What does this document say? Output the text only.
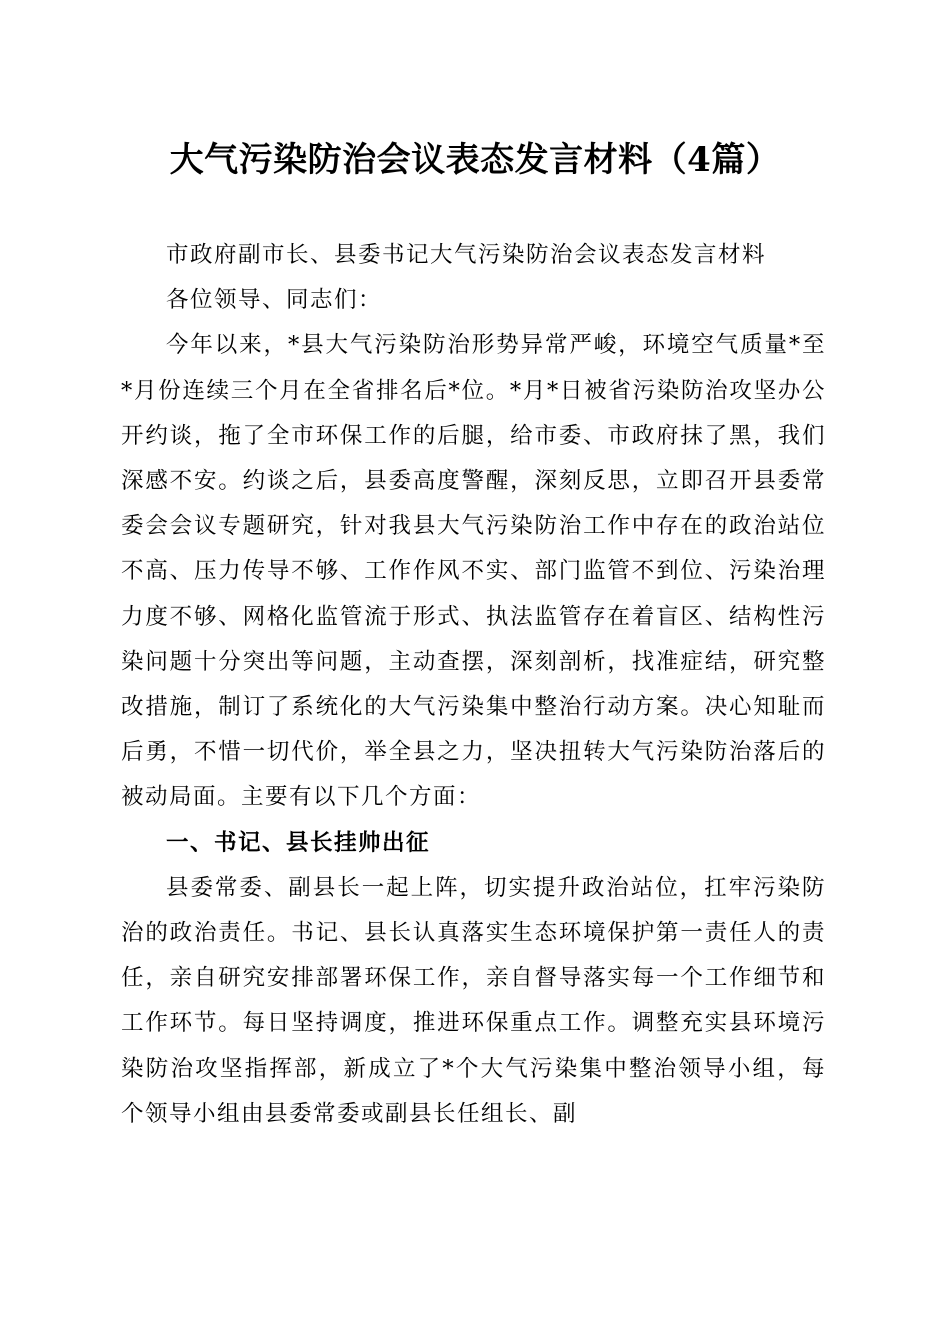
大气污染防治会议表态发言材料（4篇）

市政府副市长、县委书记大气污染防治会议表态发言材料

各位领导、同志们：

今年以来，*县大气污染防治形势异常严峻，环境空气质量*至*月份连续三个月在全省排名后*位。*月*日被省污染防治攻坚办公开约谈，拖了全市环保工作的后腿，给市委、市政府抹了黑，我们深感不安。约谈之后，县委高度警醒，深刻反思，立即召开县委常委会会议专题研究，针对我县大气污染防治工作中存在的政治站位不高、压力传导不够、工作作风不实、部门监管不到位、污染治理力度不够、网格化监管流于形式、执法监管存在着盲区、结构性污染问题十分突出等问题，主动查摆，深刻剖析，找准症结，研究整改措施，制订了系统化的大气污染集中整治行动方案。决心知耻而后勇，不惜一切代价，举全县之力，坚决扭转大气污染防治落后的被动局面。主要有以下几个方面：

一、书记、县长挂帅出征

县委常委、副县长一起上阵，切实提升政治站位，扛牢污染防治的政治责任。书记、县长认真落实生态环境保护第一责任人的责任，亲自研究安排部署环保工作，亲自督导落实每一个工作细节和工作环节。每日坚持调度，推进环保重点工作。调整充实县环境污染防治攻坚指挥部，新成立了*个大气污染集中整治领导小组，每个领导小组由县委常委或副县长任组长、副
